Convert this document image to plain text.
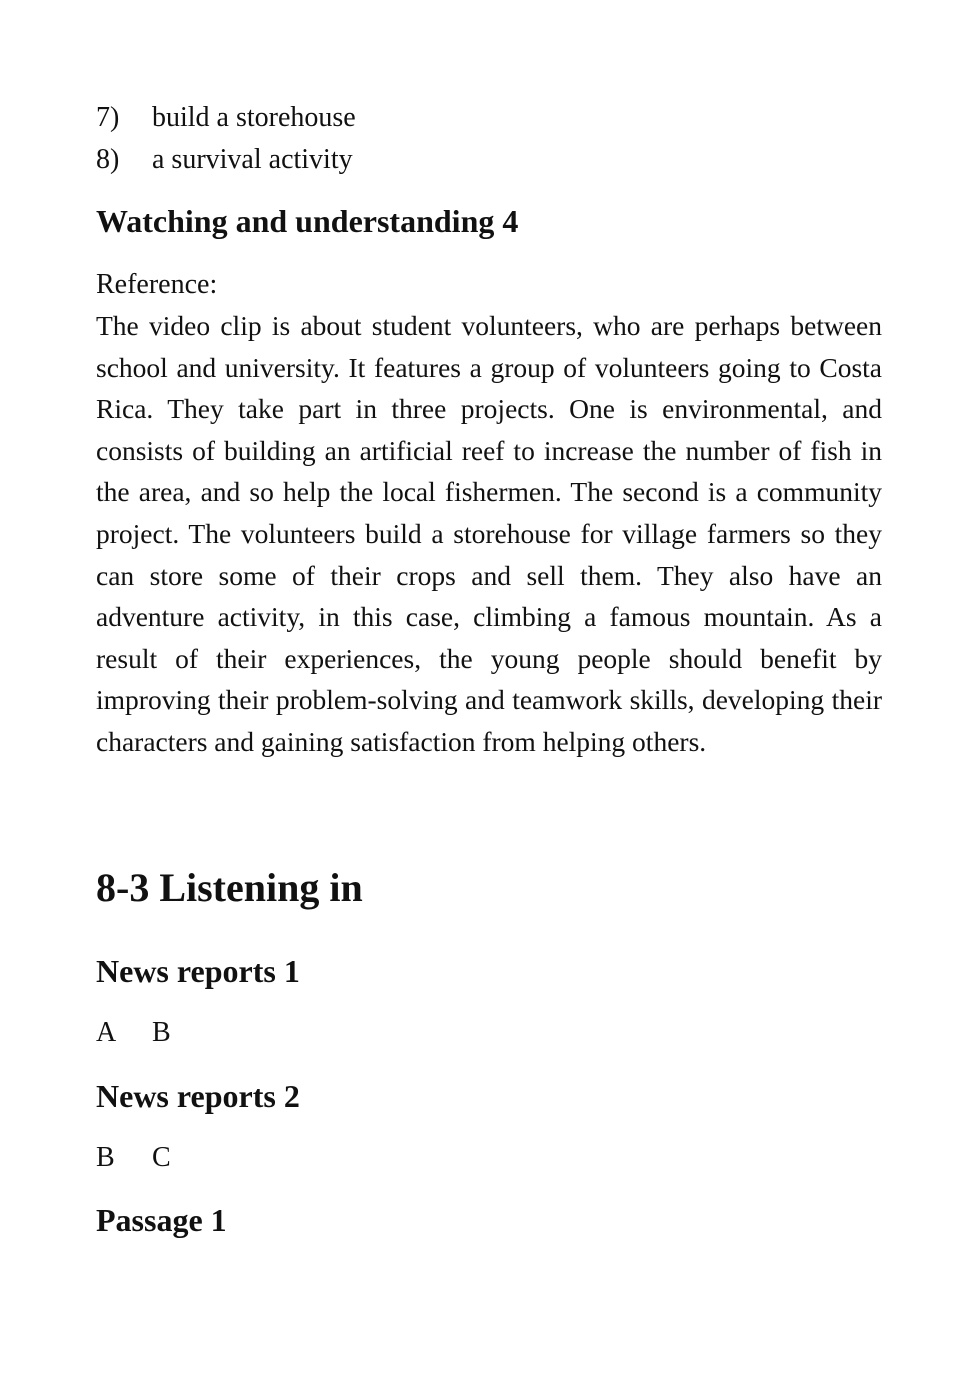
7) build a storehouse
8) a survival activity
Watching and understanding 4
Reference:
The video clip is about student volunteers, who are perhaps between school and university. It features a group of volunteers going to Costa Rica. They take part in three projects. One is environmental, and consists of building an artificial reef to increase the number of fish in the area, and so help the local fishermen. The second is a community project. The volunteers build a storehouse for village farmers so they can store some of their crops and sell them. They also have an adventure activity, in this case, climbing a famous mountain. As a result of their experiences, the young people should benefit by improving their problem-solving and teamwork skills, developing their characters and gaining satisfaction from helping others.
8-3 Listening in
News reports 1
A B
News reports 2
B C
Passage 1
